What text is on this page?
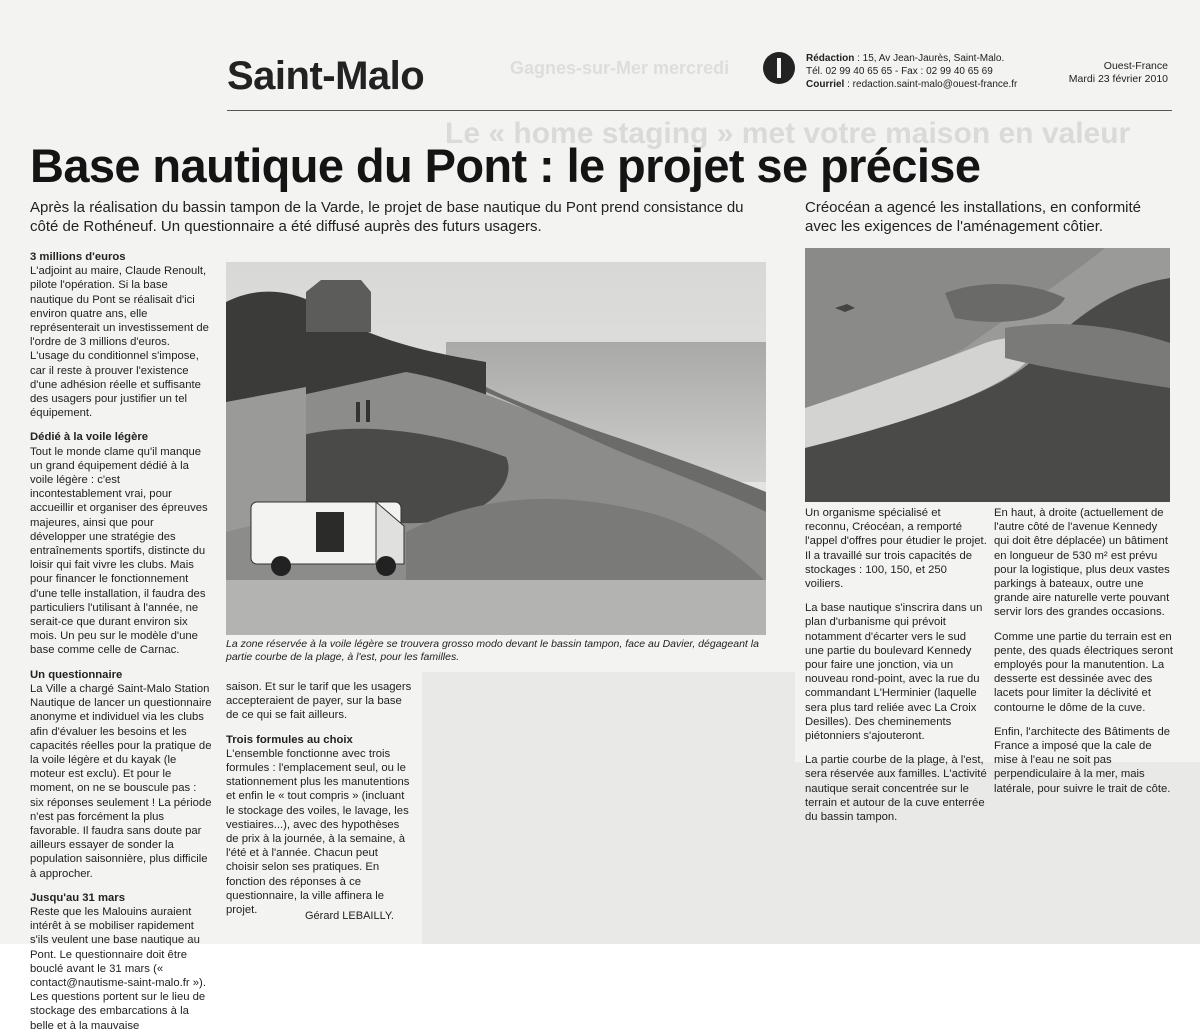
Le « home staging » met votre maison en valeur
Gagnes-sur-Mer mercredi
Saint-Malo	Rédaction : 15, Av Jean-Jaurès, Saint-Malo.
Tél. 02 99 40 65 65 - Fax : 02 99 40 65 69
Courriel : redaction.saint-malo@ouest-france.fr
Ouest-France
Mardi 23 février 2010
Base nautique du Pont : le projet se précise
Après la réalisation du bassin tampon de la Varde, le projet de base nautique du Pont prend consistance du côté de Rothéneuf. Un questionnaire a été diffusé auprès des futurs usagers.
Créocéan a agencé les installations, en conformité avec les exigences de l'aménagement côtier.
3 millions d'euros

L'adjoint au maire, Claude Renoult, pilote l'opération. Si la base nautique du Pont se réalisait d'ici environ quatre ans, elle représenterait un investissement de l'ordre de 3 millions d'euros. L'usage du conditionnel s'impose, car il reste à prouver l'existence d'une adhésion réelle et suffisante des usagers pour justifier un tel équipement.

Dédié à la voile légère

Tout le monde clame qu'il manque un grand équipement dédié à la voile légère : c'est incontestablement vrai, pour accueillir et organiser des épreuves majeures, ainsi que pour développer une stratégie des entraînements sportifs, distincte du loisir qui fait vivre les clubs. Mais pour financer le fonctionnement d'une telle installation, il faudra des particuliers l'utilisant à l'année, ne serait-ce que durant environ six mois. Un peu sur le modèle d'une base comme celle de Carnac.

Un questionnaire

La Ville a chargé Saint-Malo Station Nautique de lancer un questionnaire anonyme et individuel via les clubs afin d'évaluer les besoins et les capacités réelles pour la pratique de la voile légère et du kayak (le moteur est exclu). Et pour le moment, on ne se bouscule pas : six réponses seulement ! La période n'est pas forcément la plus favorable. Il faudra sans doute par ailleurs essayer de sonder la population saisonnière, plus difficile à approcher.

Jusqu'au 31 mars

Reste que les Malouins auraient intérêt à se mobiliser rapidement s'ils veulent une base nautique au Pont. Le questionnaire doit être bouclé avant le 31 mars (« contact@nautisme-saint-malo.fr »). Les questions portent sur le lieu de stockage des embarcations à la belle et à la mauvaise

saison. Et sur le tarif que les usagers accepteraient de payer, sur la base de ce qui se fait ailleurs.

Trois formules au choix

L'ensemble fonctionne avec trois formules : l'emplacement seul, ou le stationnement plus les manutentions et enfin le « tout compris » (incluant le stockage des voiles, le lavage, les vestiaires...), avec des hypothèses de prix à la journée, à la semaine, à l'été et à l'année. Chacun peut choisir selon ses pratiques. En fonction des réponses à ce questionnaire, la ville affinera le projet.	Gérard LEBAILLY.
La zone réservée à la voile légère se trouvera grosso modo devant le bassin tampon, face au Davier, dégageant la partie courbe de la plage, à l'est, pour les familles.

Un organisme spécialisé et reconnu, Créocéan, a remporté l'appel d'offres pour étudier le projet. Il a travaillé sur trois capacités de stockages : 100, 150, et 250 voiliers.

La base nautique s'inscrira dans un plan d'urbanisme qui prévoit notamment d'écarter vers le sud une partie du boulevard Kennedy pour faire une jonction, via un nouveau rond-point, avec la rue du commandant L'Herminier (laquelle sera plus tard reliée avec La Croix Desilles). Des cheminements piétonniers s'ajouteront.

La partie courbe de la plage, à l'est, sera réservée aux familles. L'activité nautique serait concentrée sur le terrain et autour de la cuve enterrée du bassin tampon.

En haut, à droite (actuellement de l'autre côté de l'avenue Kennedy qui doit être déplacée) un bâtiment en longueur de 530 m² est prévu pour la logistique, plus deux vastes parkings à bateaux, outre une grande aire naturelle verte pouvant servir lors des grandes occasions.

Comme une partie du terrain est en pente, des quads électriques seront employés pour la manutention. La desserte est dessinée avec des lacets pour limiter la déclivité et contourne le dôme de la cuve.

Enfin, l'architecte des Bâtiments de France a imposé que la cale de mise à l'eau ne soit pas perpendiculaire à la mer, mais latérale, pour suivre le trait de côte.
